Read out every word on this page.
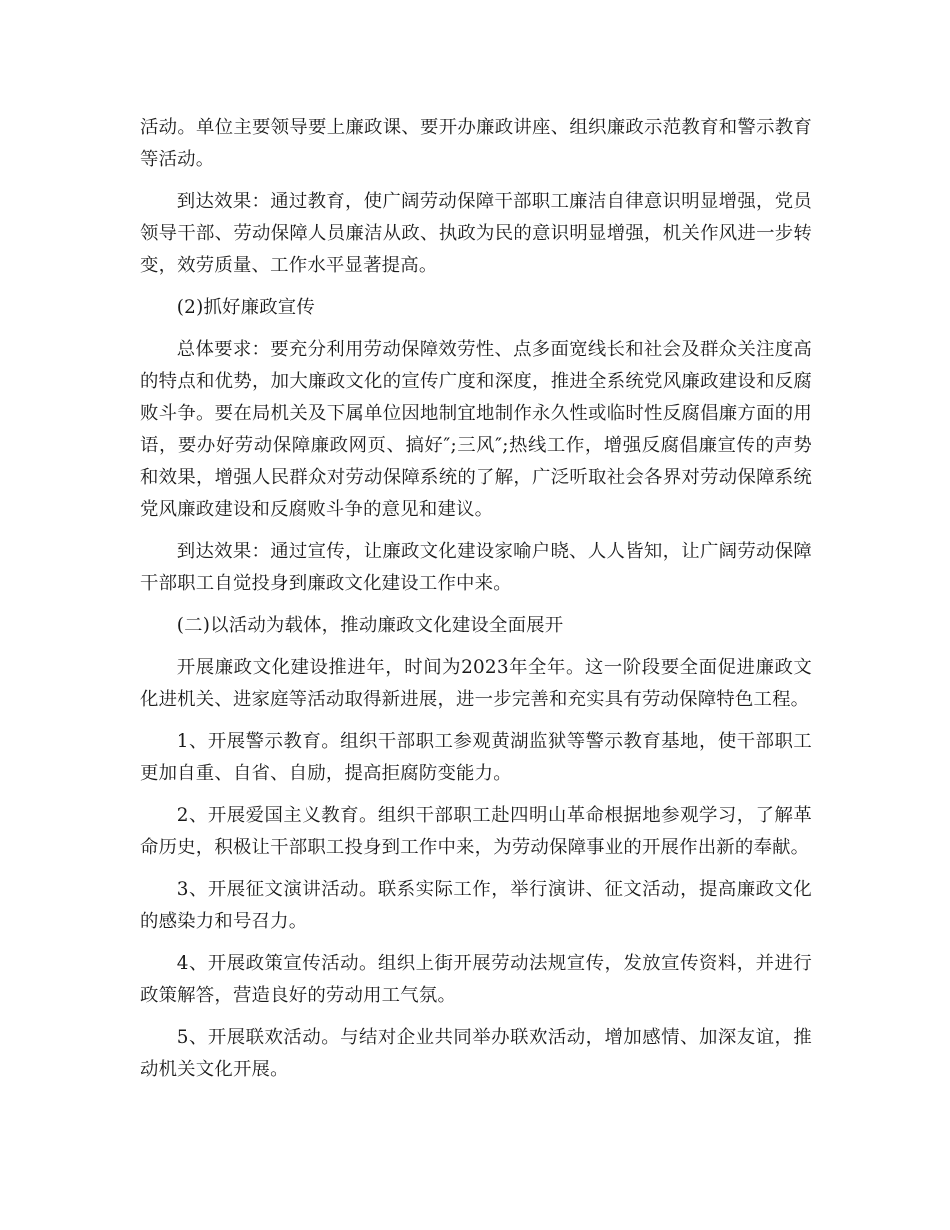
活动。单位主要领导要上廉政课、要开办廉政讲座、组织廉政示范教育和警示教育等活动。

到达效果：通过教育，使广阔劳动保障干部职工廉洁自律意识明显增强，党员领导干部、劳动保障人员廉洁从政、执政为民的意识明显增强，机关作风进一步转变，效劳质量、工作水平显著提高。

(2)抓好廉政宣传

总体要求：要充分利用劳动保障效劳性、点多面宽线长和社会及群众关注度高的特点和优势，加大廉政文化的宣传广度和深度，推进全系统党风廉政建设和反腐败斗争。要在局机关及下属单位因地制宜地制作永久性或临时性反腐倡廉方面的用语，要办好劳动保障廉政网页、搞好″;三风″;热线工作，增强反腐倡廉宣传的声势和效果，增强人民群众对劳动保障系统的了解，广泛听取社会各界对劳动保障系统党风廉政建设和反腐败斗争的意见和建议。

到达效果：通过宣传，让廉政文化建设家喻户晓、人人皆知，让广阔劳动保障干部职工自觉投身到廉政文化建设工作中来。

(二)以活动为载体，推动廉政文化建设全面展开

开展廉政文化建设推进年，时间为2023年全年。这一阶段要全面促进廉政文化进机关、进家庭等活动取得新进展，进一步完善和充实具有劳动保障特色工程。

1、开展警示教育。组织干部职工参观黄湖监狱等警示教育基地，使干部职工更加自重、自省、自励，提高拒腐防变能力。

2、开展爱国主义教育。组织干部职工赴四明山革命根据地参观学习，了解革命历史，积极让干部职工投身到工作中来，为劳动保障事业的开展作出新的奉献。

3、开展征文演讲活动。联系实际工作，举行演讲、征文活动，提高廉政文化的感染力和号召力。

4、开展政策宣传活动。组织上街开展劳动法规宣传，发放宣传资料，并进行政策解答，营造良好的劳动用工气氛。

5、开展联欢活动。与结对企业共同举办联欢活动，增加感情、加深友谊，推动机关文化开展。
